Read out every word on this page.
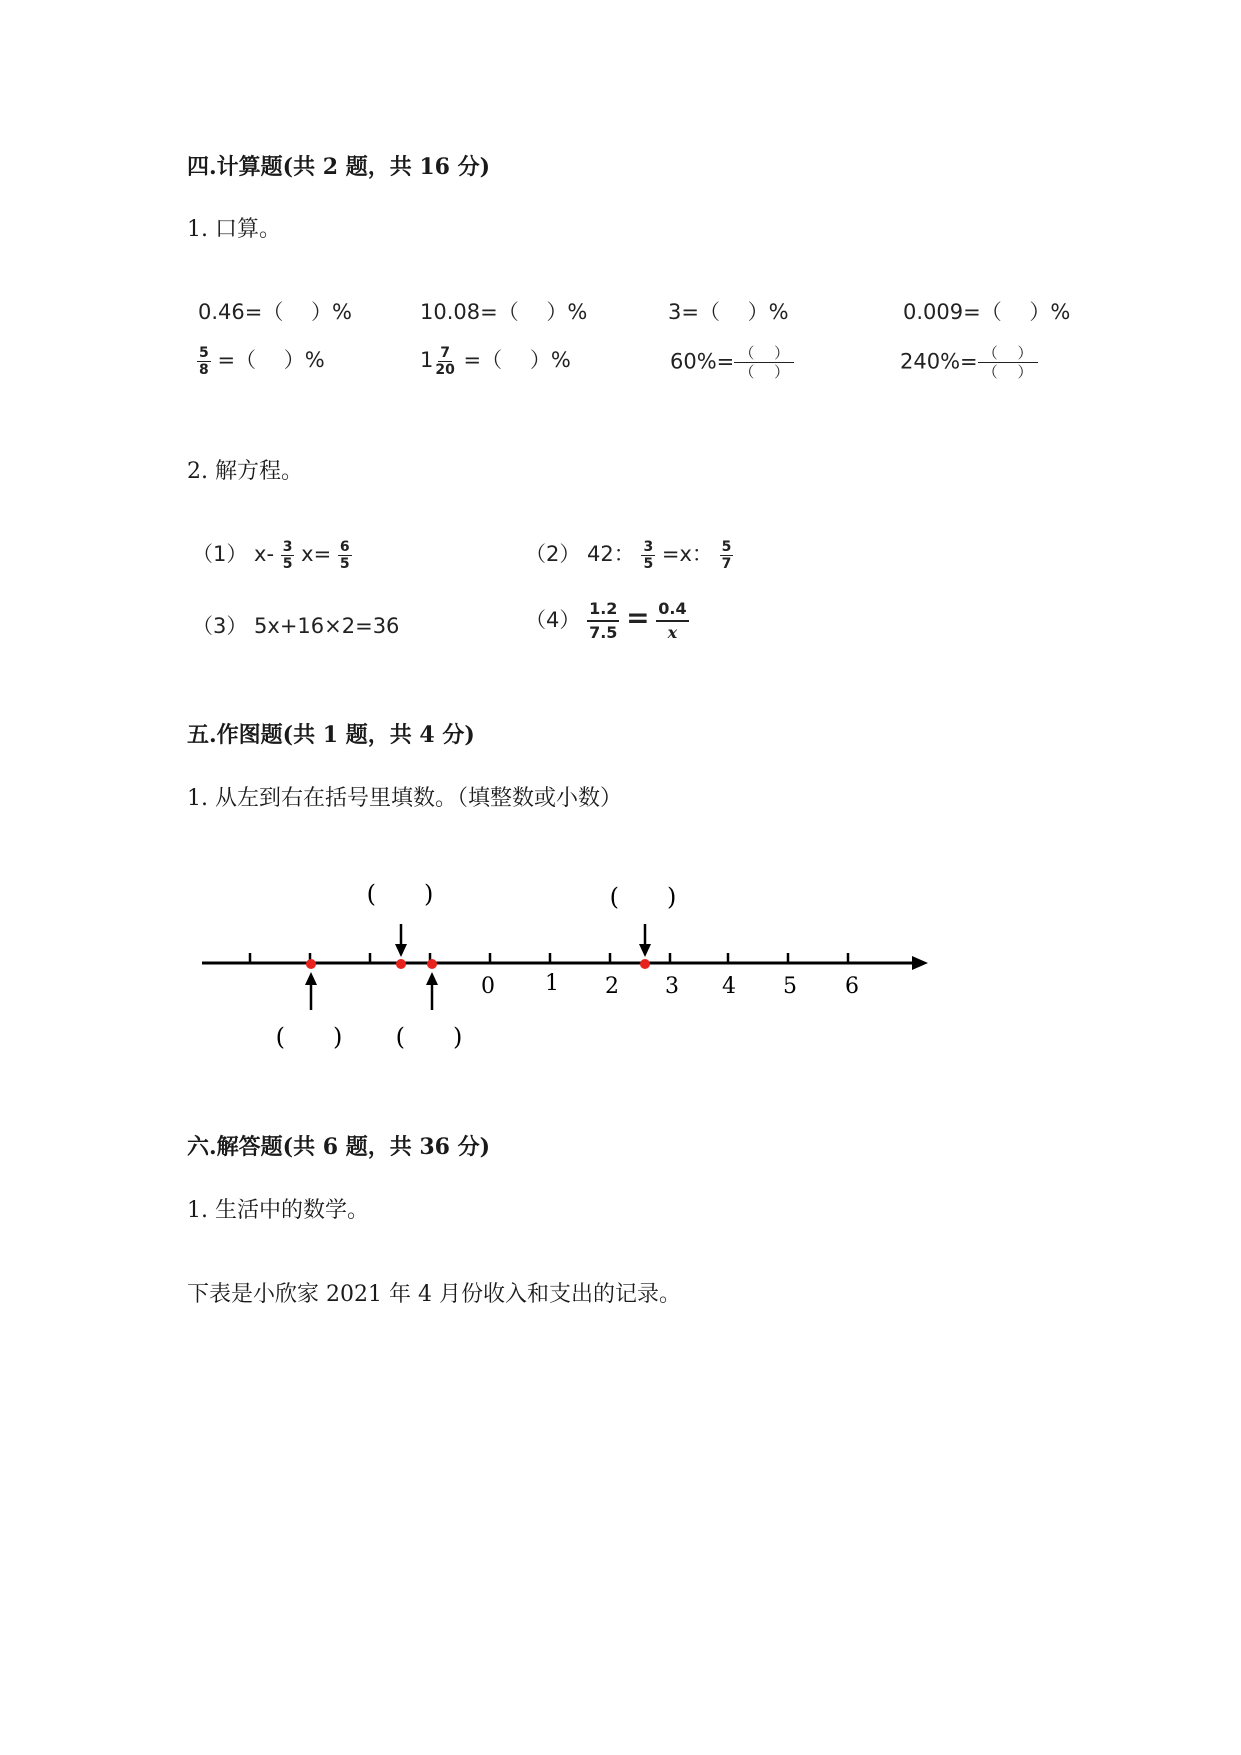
四.计算题(共 2 题，共 16 分)
1. 口算。
0.46=（　 ）%	10.08=（　 ）%	3=（　 ）%	0.009=（　 ）%
$\frac{5}{8}$ =（　 ）%	$1 \frac{7}{20}$ =（　 ）%	$60\%= \frac{( )}{( )}$	$240\%= \frac{( )}{( )}$
2. 解方程。
（1） $x- \frac{3}{5} x= \frac{6}{5}$	（2） 42： $\frac{3}{5} =x$： $\frac{5}{7}$
（3） 5x+16×2=36	$(4) \frac{1.2}{7.5} = \frac{0.4}{x}$
五.作图题(共 1 题，共 4 分)
1. 从左到右在括号里填数。（填整数或小数）
0 1 2 3 4 5 6
(　　)	(　　)
(　　) (　　)
六.解答题(共 6 题，共 36 分)
1. 生活中的数学。
下表是小欣家 2021 年 4 月份收入和支出的记录。
